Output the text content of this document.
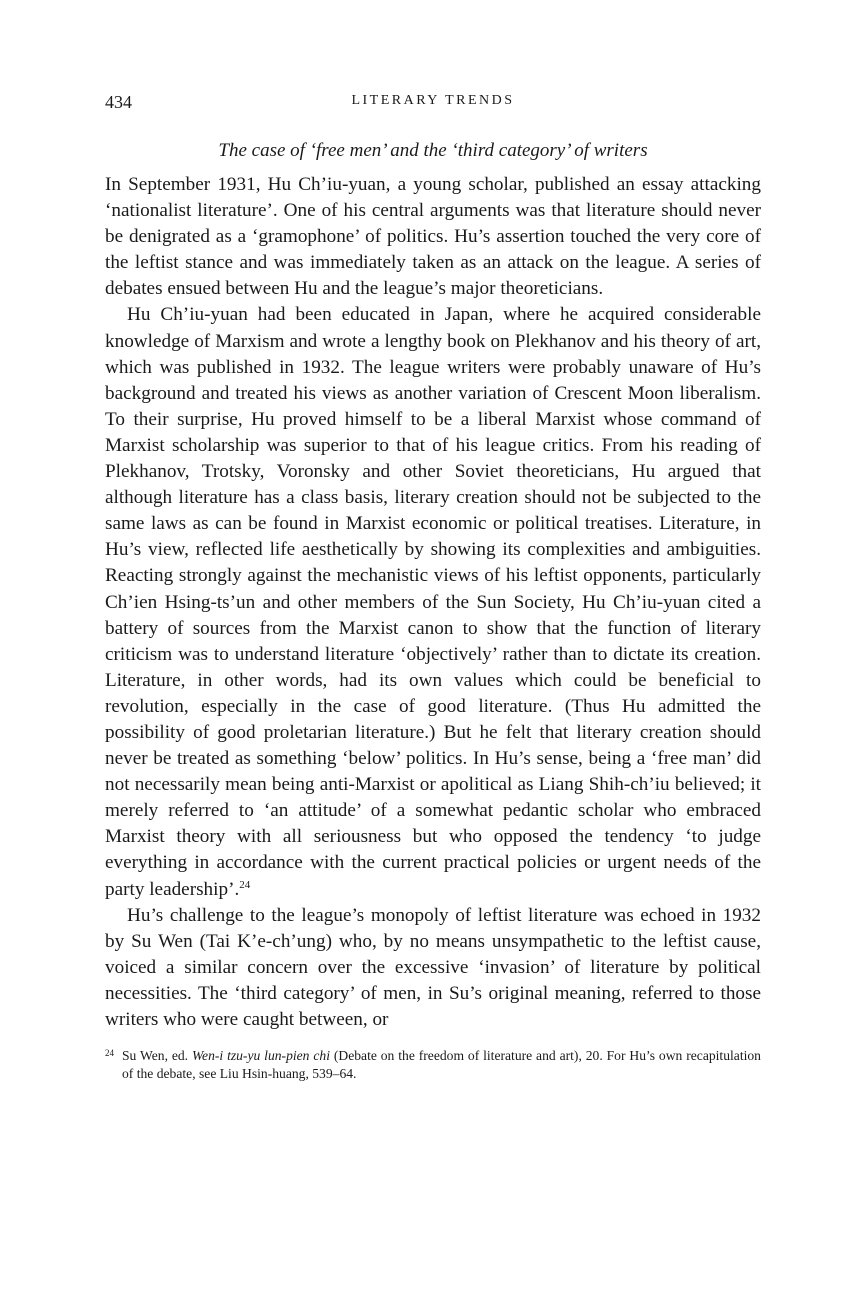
434	LITERARY TRENDS
The case of ‘free men’ and the ‘third category’ of writers

In September 1931, Hu Ch’iu-yuan, a young scholar, published an essay attacking ‘nationalist literature’. One of his central arguments was that literature should never be denigrated as a ‘gramophone’ of politics. Hu’s assertion touched the very core of the leftist stance and was immediately taken as an attack on the league. A series of debates ensued between Hu and the league’s major theoreticians.

Hu Ch’iu-yuan had been educated in Japan, where he acquired considerable knowledge of Marxism and wrote a lengthy book on Plekhanov and his theory of art, which was published in 1932. The league writers were probably unaware of Hu’s background and treated his views as another variation of Crescent Moon liberalism. To their surprise, Hu proved himself to be a liberal Marxist whose command of Marxist scholarship was superior to that of his league critics. From his reading of Plekhanov, Trotsky, Voronsky and other Soviet theoreticians, Hu argued that although literature has a class basis, literary creation should not be subjected to the same laws as can be found in Marxist economic or political treatises. Literature, in Hu’s view, reflected life aesthetically by showing its complexities and ambiguities. Reacting strongly against the mechanistic views of his leftist opponents, particularly Ch’ien Hsing-ts’un and other members of the Sun Society, Hu Ch’iu-yuan cited a battery of sources from the Marxist canon to show that the function of literary criticism was to understand literature ‘objectively’ rather than to dictate its creation. Literature, in other words, had its own values which could be beneficial to revolution, especially in the case of good literature. (Thus Hu admitted the possibility of good proletarian literature.) But he felt that literary creation should never be treated as something ‘below’ politics. In Hu’s sense, being a ‘free man’ did not necessarily mean being anti-Marxist or apolitical as Liang Shih-ch’iu believed; it merely referred to ‘an attitude’ of a somewhat pedantic scholar who embraced Marxist theory with all seriousness but who opposed the tendency ‘to judge everything in accordance with the current practical policies or urgent needs of the party leadership’.$^{24}$

Hu’s challenge to the league’s monopoly of leftist literature was echoed in 1932 by Su Wen (Tai K’e-ch’ung) who, by no means unsympathetic to the leftist cause, voiced a similar concern over the excessive ‘invasion’ of literature by political necessities. The ‘third category’ of men, in Su’s original meaning, referred to those writers who were caught between, or

24 Su Wen, ed. Wen-i tzu-yu lun-pien chi (Debate on the freedom of literature and art), 20. For Hu’s own recapitulation of the debate, see Liu Hsin-huang, 539–64.
